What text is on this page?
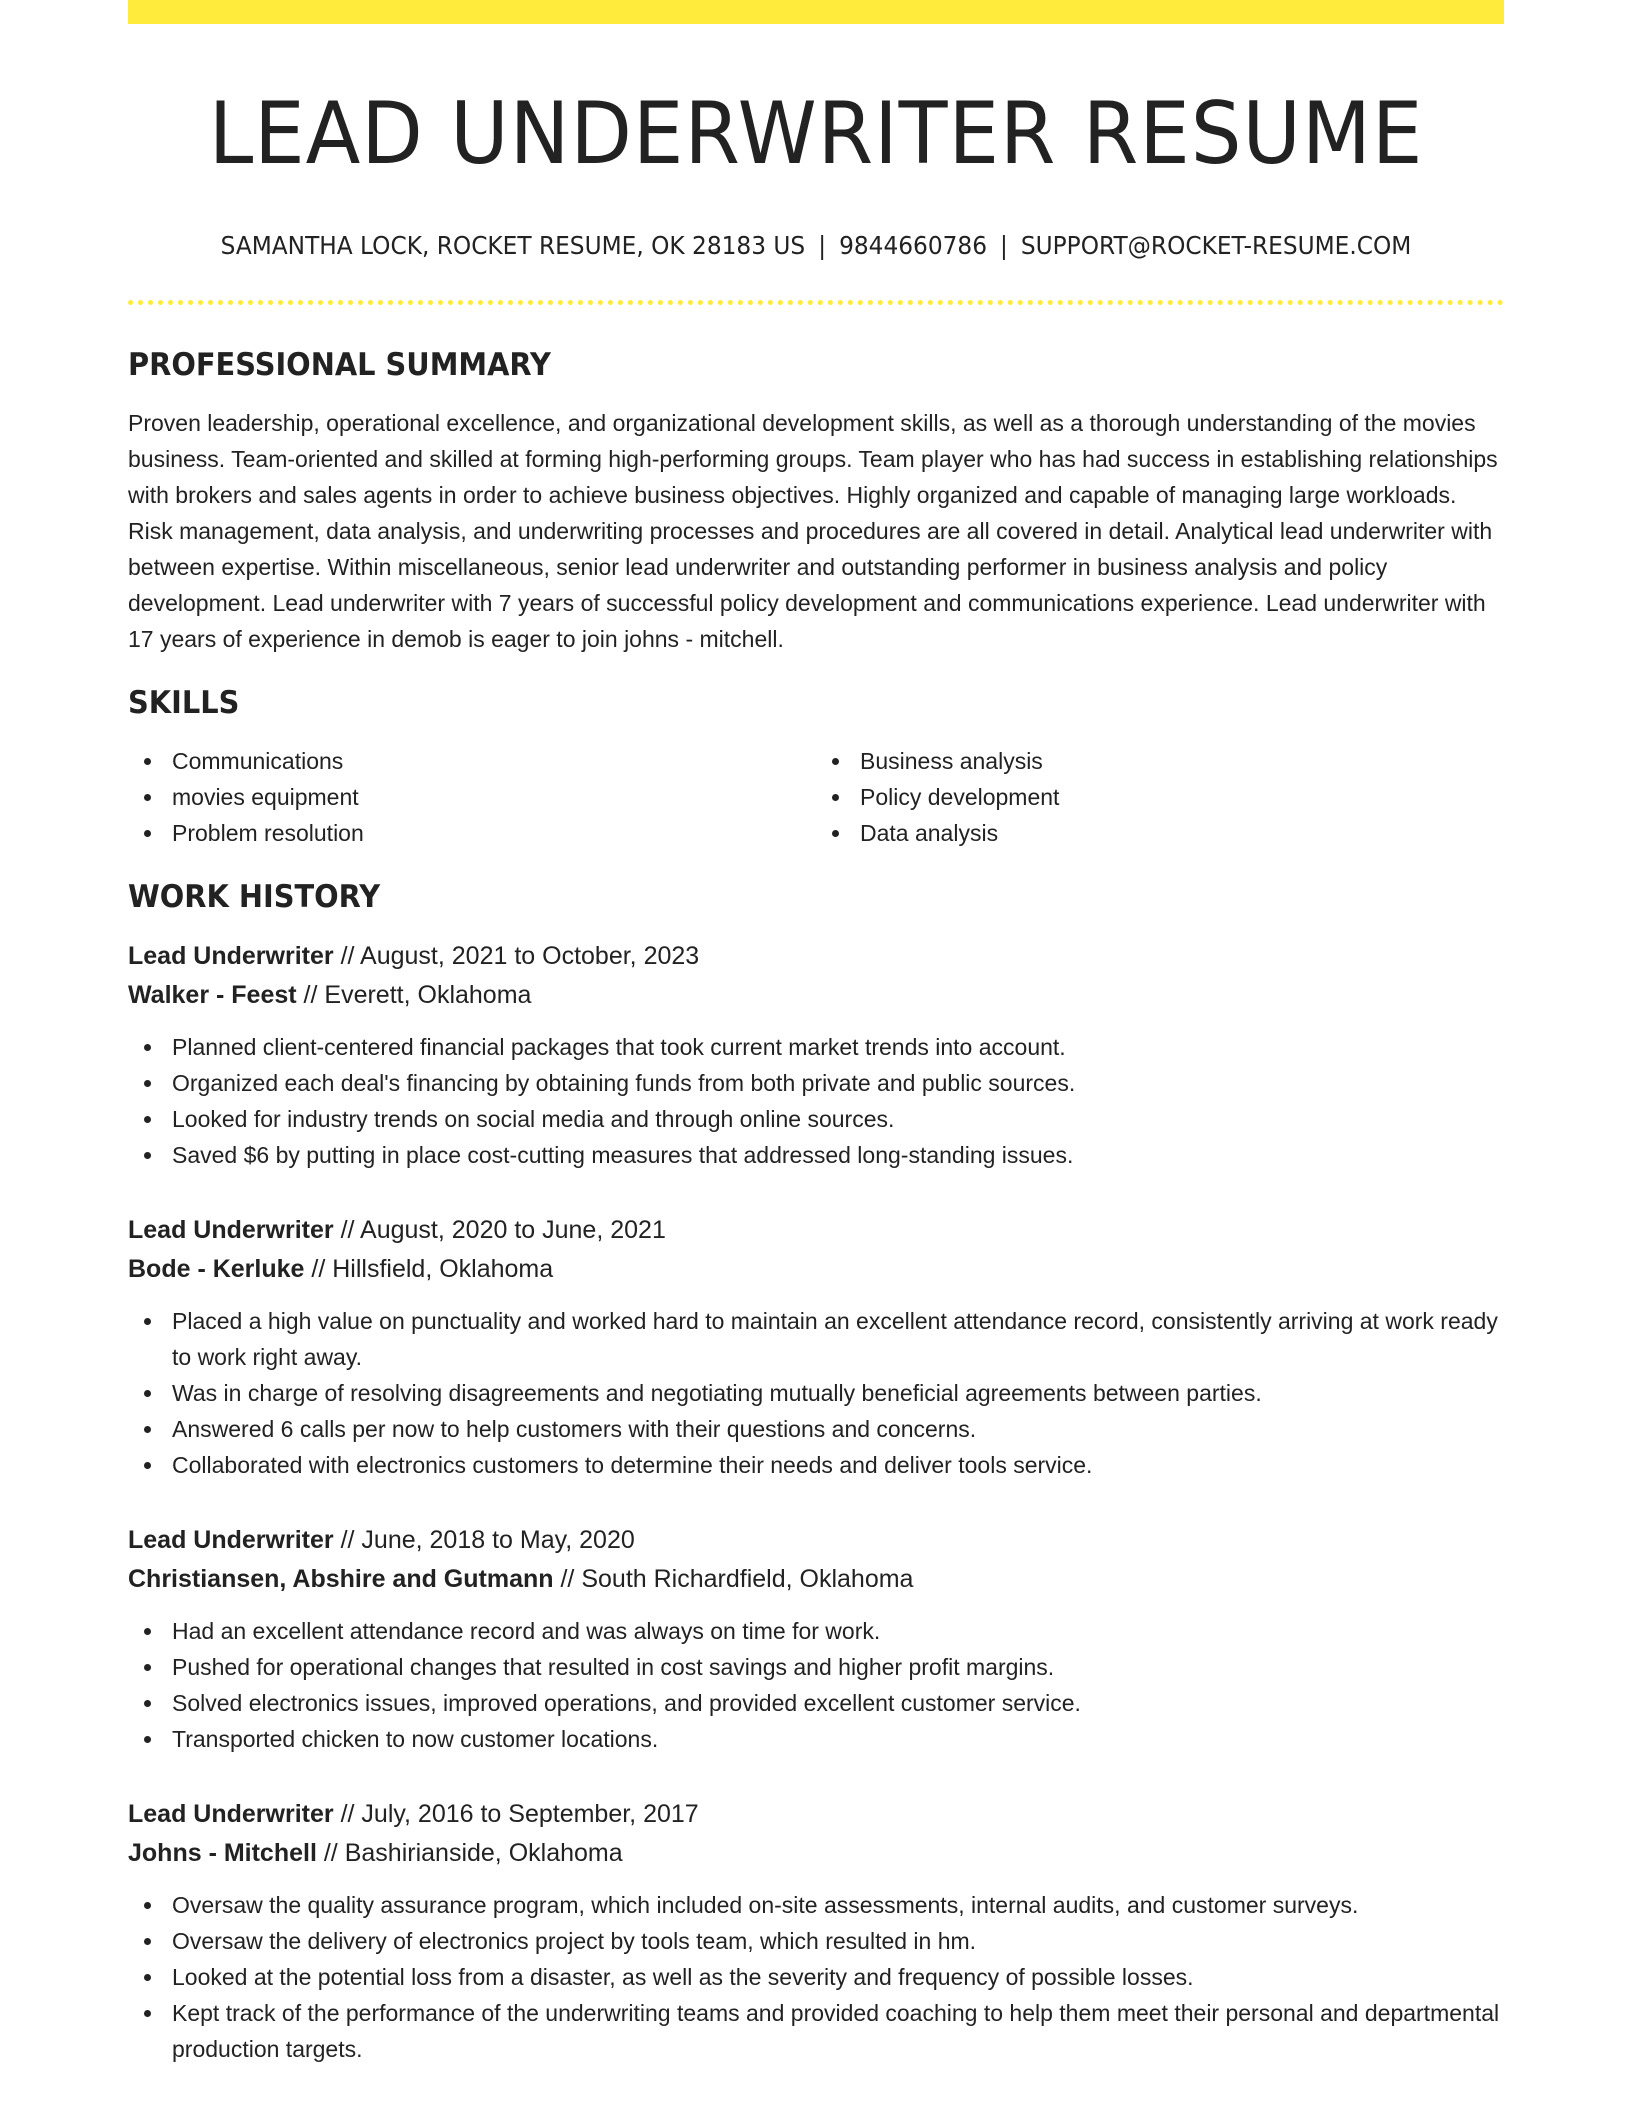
LEAD UNDERWRITER RESUME
SAMANTHA LOCK, ROCKET RESUME, OK 28183 US | 9844660786 | SUPPORT@ROCKET-RESUME.COM
PROFESSIONAL SUMMARY

Proven leadership, operational excellence, and organizational development skills, as well as a thorough understanding of the movies business. Team-oriented and skilled at forming high-performing groups. Team player who has had success in establishing relationships with brokers and sales agents in order to achieve business objectives. Highly organized and capable of managing large workloads. Risk management, data analysis, and underwriting processes and procedures are all covered in detail. Analytical lead underwriter with between expertise. Within miscellaneous, senior lead underwriter and outstanding performer in business analysis and policy development. Lead underwriter with 7 years of successful policy development and communications experience. Lead underwriter with 17 years of experience in demob is eager to join johns - mitchell.

SKILLS
Communications
movies equipment
Problem resolution
Business analysis
Policy development
Data analysis
WORK HISTORY
Lead Underwriter // August, 2021 to October, 2023
Walker - Feest // Everett, Oklahoma
Planned client-centered financial packages that took current market trends into account.
Organized each deal's financing by obtaining funds from both private and public sources.
Looked for industry trends on social media and through online sources.
Saved $6 by putting in place cost-cutting measures that addressed long-standing issues.
Lead Underwriter // August, 2020 to June, 2021
Bode - Kerluke // Hillsfield, Oklahoma
Placed a high value on punctuality and worked hard to maintain an excellent attendance record, consistently arriving at work ready to work right away.
Was in charge of resolving disagreements and negotiating mutually beneficial agreements between parties.
Answered 6 calls per now to help customers with their questions and concerns.
Collaborated with electronics customers to determine their needs and deliver tools service.
Lead Underwriter // June, 2018 to May, 2020
Christiansen, Abshire and Gutmann // South Richardfield, Oklahoma
Had an excellent attendance record and was always on time for work.
Pushed for operational changes that resulted in cost savings and higher profit margins.
Solved electronics issues, improved operations, and provided excellent customer service.
Transported chicken to now customer locations.
Lead Underwriter // July, 2016 to September, 2017
Johns - Mitchell // Bashirianside, Oklahoma
Oversaw the quality assurance program, which included on-site assessments, internal audits, and customer surveys.
Oversaw the delivery of electronics project by tools team, which resulted in hm.
Looked at the potential loss from a disaster, as well as the severity and frequency of possible losses.
Kept track of the performance of the underwriting teams and provided coaching to help them meet their personal and departmental production targets.
